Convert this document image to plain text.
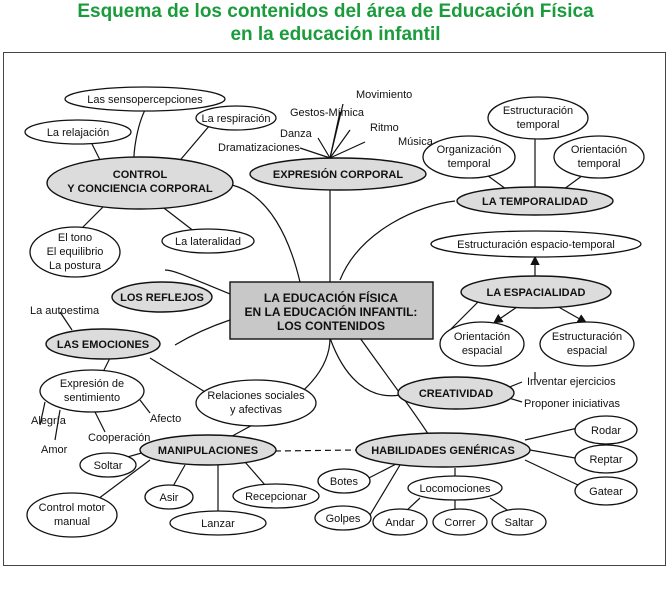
Esquema de los contenidos del área de Educación Física
en la educación infantil
Las sensopercepciones
La relajación
La respiración
CONTROL
Y CONCIENCIA CORPORAL
El tono
El equilibrio
La postura
La lateralidad
LOS REFLEJOS
La autoestima
LAS EMOCIONES
Expresión de
sentimiento
Alegría	Afecto
Amor
Cooperación
Relaciones sociales
y afectivas
MANIPULACIONES
Soltar
Asir	Recepcionar
Lanzar
Control motor
manual
Movimiento
Gestos-Mímica
Ritmo
Danza
Música
Dramatizaciones
EXPRESIÓN CORPORAL
Estructuración
temporal
Organización
temporal
Orientación
temporal
LA TEMPORALIDAD
Estructuración espacio-temporal
LA ESPACIALIDAD
Orientación
espacial
Estructuración
espacial
CREATIVIDAD
Inventar ejercicios
Proponer iniciativas
HABILIDADES GENÉRICAS
Rodar
Reptar
Gatear
Botes
Golpes
Locomociones
Andar	Correr	Saltar
LA EDUCACIÓN FÍSICA
EN LA EDUCACIÓN INFANTIL:
LOS CONTENIDOS
